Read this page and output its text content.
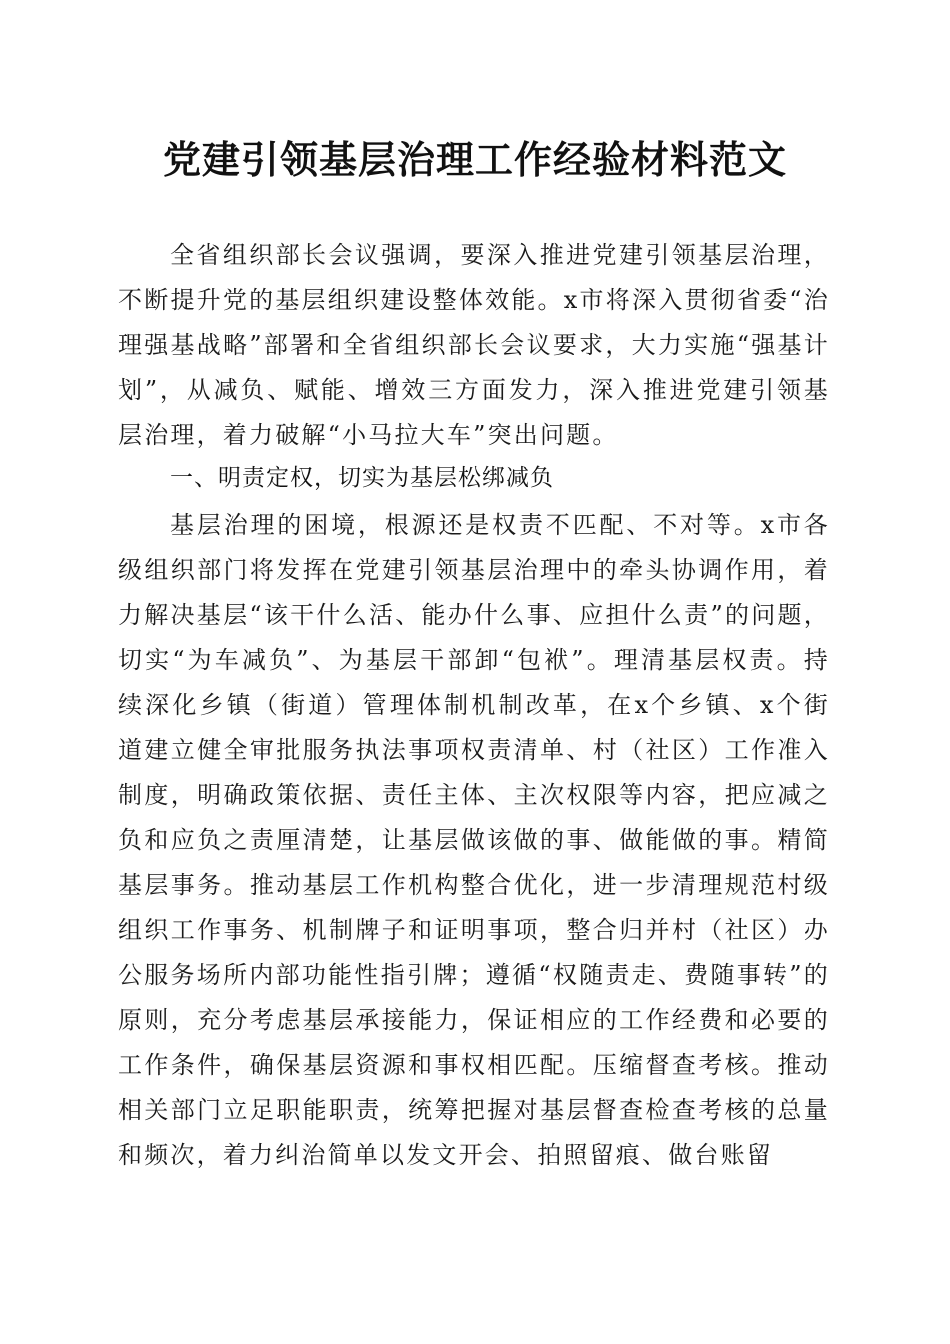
党建引领基层治理工作经验材料范文

全省组织部长会议强调，要深入推进党建引领基层治理，不断提升党的基层组织建设整体效能。x市将深入贯彻省委“治理强基战略”部署和全省组织部长会议要求，大力实施“强基计划”，从减负、赋能、增效三方面发力，深入推进党建引领基层治理，着力破解“小马拉大车”突出问题。

一、明责定权，切实为基层松绑减负

基层治理的困境，根源还是权责不匹配、不对等。x市各级组织部门将发挥在党建引领基层治理中的牵头协调作用，着力解决基层“该干什么活、能办什么事、应担什么责”的问题，切实“为车减负”、为基层干部卸“包袱”。理清基层权责。持续深化乡镇（街道）管理体制机制改革，在x个乡镇、x个街道建立健全审批服务执法事项权责清单、村（社区）工作准入制度，明确政策依据、责任主体、主次权限等内容，把应减之负和应负之责厘清楚，让基层做该做的事、做能做的事。精简基层事务。推动基层工作机构整合优化，进一步清理规范村级组织工作事务、机制牌子和证明事项，整合归并村（社区）办公服务场所内部功能性指引牌；遵循“权随责走、费随事转”的原则，充分考虑基层承接能力，保证相应的工作经费和必要的工作条件，确保基层资源和事权相匹配。压缩督查考核。推动相关部门立足职能职责，统筹把握对基层督查检查考核的总量和频次，着力纠治简单以发文开会、拍照留痕、做台账留
